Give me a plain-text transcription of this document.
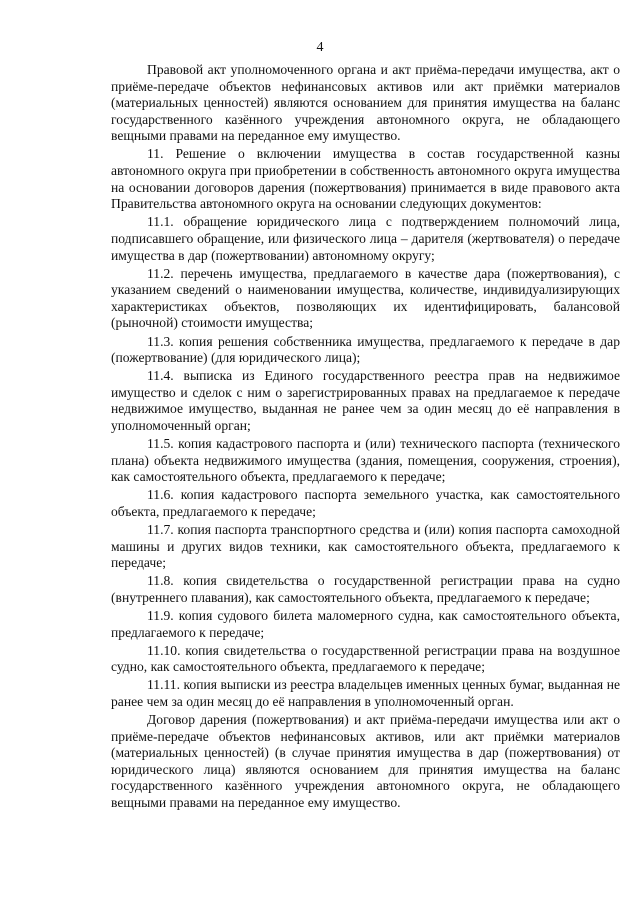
4

Правовой акт уполномоченного органа и акт приёма-передачи имущества, акт о приёме-передаче объектов нефинансовых активов или акт приёмки материалов (материальных ценностей) являются основанием для принятия имущества на баланс государственного казённого учреждения автономного округа, не обладающего вещными правами на переданное ему имущество.

11. Решение о включении имущества в состав государственной казны автономного округа при приобретении в собственность автономного округа имущества на основании договоров дарения (пожертвования) принимается в виде правового акта Правительства автономного округа на основании следующих документов:

11.1. обращение юридического лица с подтверждением полномочий лица, подписавшего обращение, или физического лица – дарителя (жертвователя) о передаче имущества в дар (пожертвовании) автономному округу;

11.2. перечень имущества, предлагаемого в качестве дара (пожертвования), с указанием сведений о наименовании имущества, количестве, индивидуализирующих характеристиках объектов, позволяющих их идентифицировать, балансовой (рыночной) стоимости имущества;

11.3. копия решения собственника имущества, предлагаемого к передаче в дар (пожертвование) (для юридического лица);

11.4. выписка из Единого государственного реестра прав на недвижимое имущество и сделок с ним о зарегистрированных правах на предлагаемое к передаче недвижимое имущество, выданная не ранее чем за один месяц до её направления в уполномоченный орган;

11.5. копия кадастрового паспорта и (или) технического паспорта (технического плана) объекта недвижимого имущества (здания, помещения, сооружения, строения), как самостоятельного объекта, предлагаемого к передаче;

11.6. копия кадастрового паспорта земельного участка, как самостоятельного объекта, предлагаемого к передаче;

11.7. копия паспорта транспортного средства и (или) копия паспорта самоходной машины и других видов техники, как самостоятельного объекта, предлагаемого к передаче;

11.8. копия свидетельства о государственной регистрации права на судно (внутреннего плавания), как самостоятельного объекта, предлагаемого к передаче;

11.9. копия судового билета маломерного судна, как самостоятельного объекта, предлагаемого к передаче;

11.10. копия свидетельства о государственной регистрации права на воздушное судно, как самостоятельного объекта, предлагаемого к передаче;

11.11. копия выписки из реестра владельцев именных ценных бумаг, выданная не ранее чем за один месяц до её направления в уполномоченный орган.

Договор дарения (пожертвования) и акт приёма-передачи имущества или акт о приёме-передаче объектов нефинансовых активов, или акт приёмки материалов (материальных ценностей) (в случае принятия имущества в дар (пожертвования) от юридического лица) являются основанием для принятия имущества на баланс государственного казённого учреждения автономного округа, не обладающего вещными правами на переданное ему имущество.
